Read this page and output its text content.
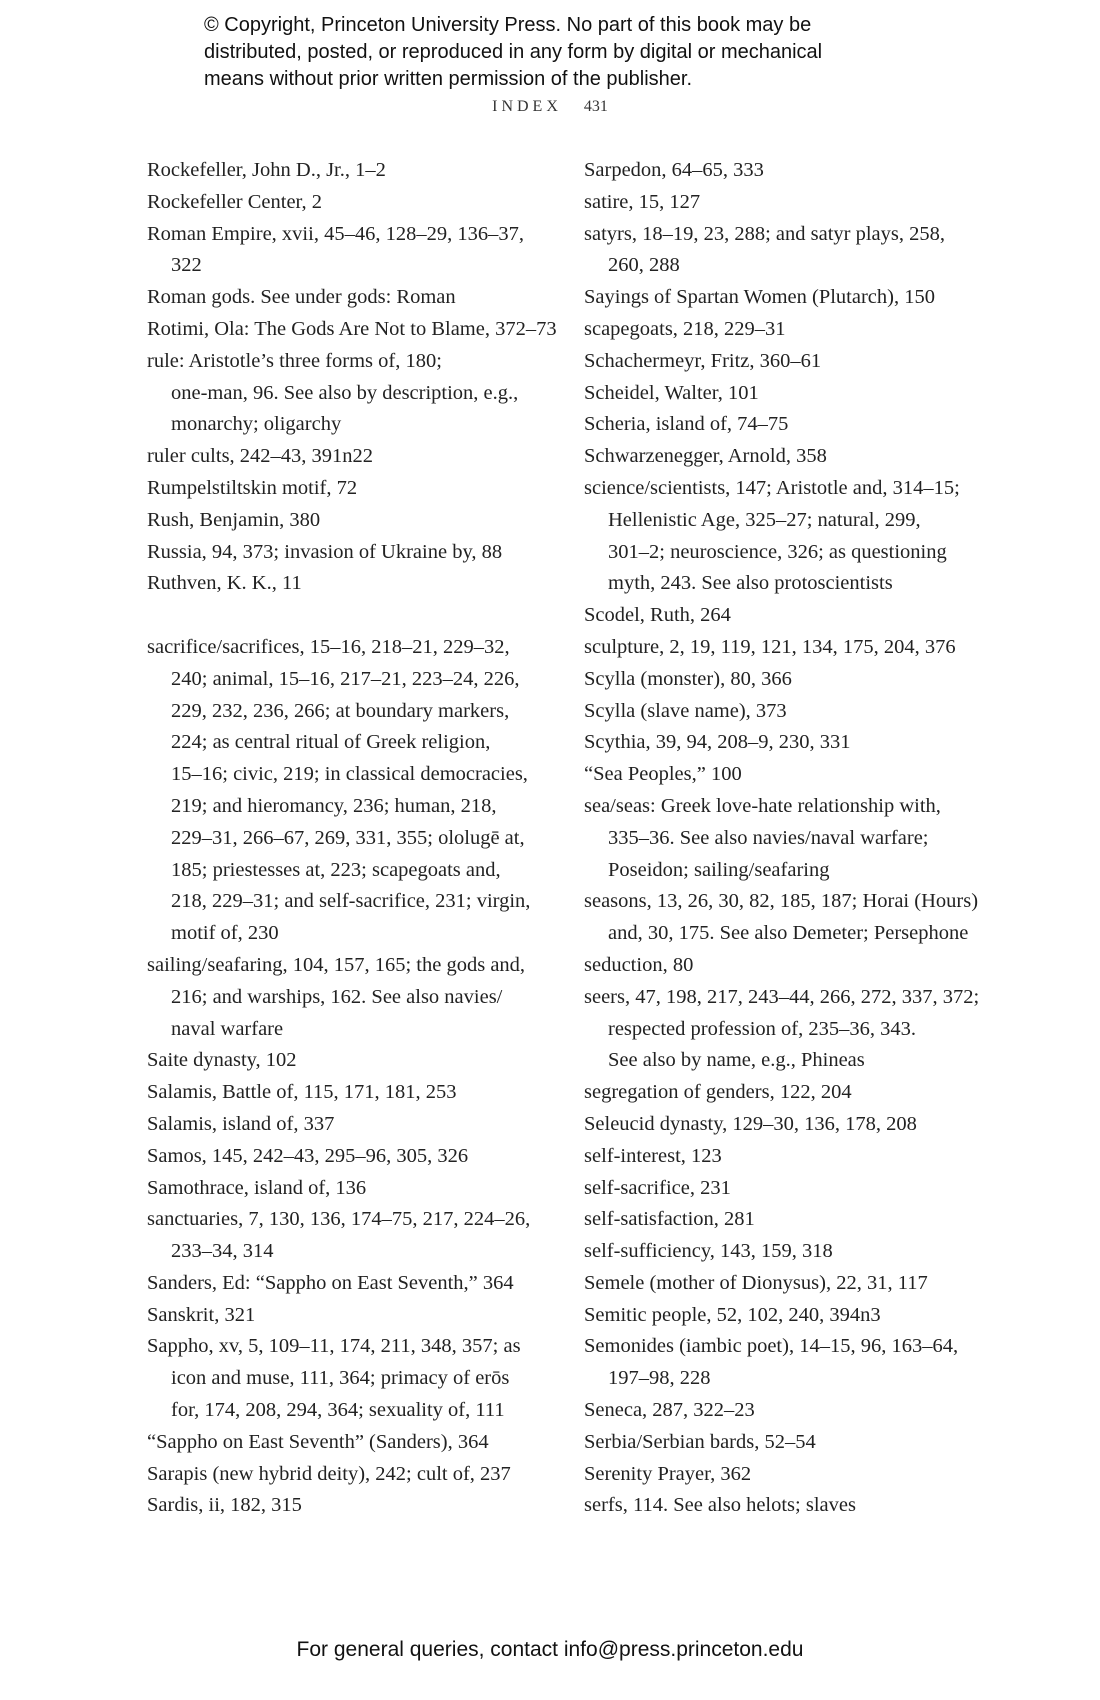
© Copyright, Princeton University Press. No part of this book may be
distributed, posted, or reproduced in any form by digital or mechanical
means without prior written permission of the publisher.
INDEX 431
Rockefeller, John D., Jr., 1–2
Rockefeller Center, 2
Roman Empire, xvii, 45–46, 128–29, 136–37,
322
Roman gods. See under gods: Roman
Rotimi, Ola: The Gods Are Not to Blame, 372–73
rule: Aristotle’s three forms of, 180;
one-man, 96. See also by description, e.g.,
monarchy; oligarchy
ruler cults, 242–43, 391n22
Rumpelstiltskin motif, 72
Rush, Benjamin, 380
Russia, 94, 373; invasion of Ukraine by, 88
Ruthven, K. K., 11
sacrifice/sacrifices, 15–16, 218–21, 229–32,
240; animal, 15–16, 217–21, 223–24, 226,
229, 232, 236, 266; at boundary markers,
224; as central ritual of Greek religion,
15–16; civic, 219; in classical democracies,
219; and hieromancy, 236; human, 218,
229–31, 266–67, 269, 331, 355; ololugē at,
185; priestesses at, 223; scapegoats and,
218, 229–31; and self-sacrifice, 231; virgin,
motif of, 230
sailing/seafaring, 104, 157, 165; the gods and,
216; and warships, 162. See also navies/
naval warfare
Saite dynasty, 102
Salamis, Battle of, 115, 171, 181, 253
Salamis, island of, 337
Samos, 145, 242–43, 295–96, 305, 326
Samothrace, island of, 136
sanctuaries, 7, 130, 136, 174–75, 217, 224–26,
233–34, 314
Sanders, Ed: “Sappho on East Seventh,” 364
Sanskrit, 321
Sappho, xv, 5, 109–11, 174, 211, 348, 357; as
icon and muse, 111, 364; primacy of erōs
for, 174, 208, 294, 364; sexuality of, 111
“Sappho on East Seventh” (Sanders), 364
Sarapis (new hybrid deity), 242; cult of, 237
Sardis, ii, 182, 315
Sarpedon, 64–65, 333
satire, 15, 127
satyrs, 18–19, 23, 288; and satyr plays, 258,
260, 288
Sayings of Spartan Women (Plutarch), 150
scapegoats, 218, 229–31
Schachermeyr, Fritz, 360–61
Scheidel, Walter, 101
Scheria, island of, 74–75
Schwarzenegger, Arnold, 358
science/scientists, 147; Aristotle and, 314–15;
Hellenistic Age, 325–27; natural, 299,
301–2; neuroscience, 326; as questioning
myth, 243. See also protoscientists
Scodel, Ruth, 264
sculpture, 2, 19, 119, 121, 134, 175, 204, 376
Scylla (monster), 80, 366
Scylla (slave name), 373
Scythia, 39, 94, 208–9, 230, 331
“Sea Peoples,” 100
sea/seas: Greek love-hate relationship with,
335–36. See also navies/naval warfare;
Poseidon; sailing/seafaring
seasons, 13, 26, 30, 82, 185, 187; Horai (Hours)
and, 30, 175. See also Demeter; Persephone
seduction, 80
seers, 47, 198, 217, 243–44, 266, 272, 337, 372;
respected profession of, 235–36, 343.
See also by name, e.g., Phineas
segregation of genders, 122, 204
Seleucid dynasty, 129–30, 136, 178, 208
self-interest, 123
self-sacrifice, 231
self-satisfaction, 281
self-sufficiency, 143, 159, 318
Semele (mother of Dionysus), 22, 31, 117
Semitic people, 52, 102, 240, 394n3
Semonides (iambic poet), 14–15, 96, 163–64,
197–98, 228
Seneca, 287, 322–23
Serbia/Serbian bards, 52–54
Serenity Prayer, 362
serfs, 114. See also helots; slaves
For general queries, contact info@press.princeton.edu
